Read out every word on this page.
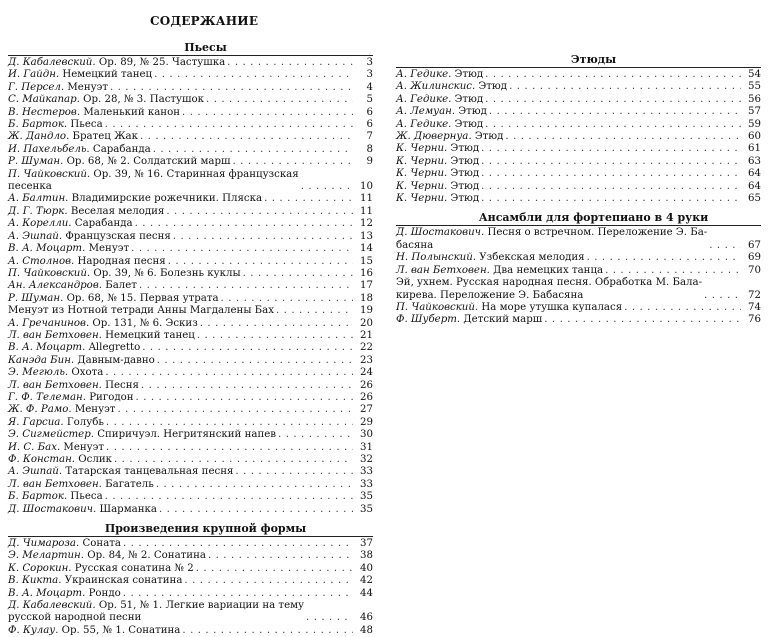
СОДЕРЖАНИЕ
Пьесы
Д. Кабалевский. Ор. 89, № 25. Частушка . . .	3
И. Гайдн. Немецкий танец . . .	3
Г. Персел. Менуэт . . .	4
С. Майкапар. Ор. 28, № 3. Пастушок . . .	5
В. Нестеров. Маленький канон . . .	6
Б. Барток. Пьеса . . .	6
Ж. Дандло. Братец Жак . . .	7
И. Пахельбель. Сарабанда . . .	8
Р. Шуман. Ор. 68, № 2. Солдатский марш . . .	9
П. Чайковский. Ор. 39, № 16. Старинная французская
песенка . . .	10
А. Балтин. Владимирские рожечники. Пляска . . .	11
Д. Г. Тюрк. Веселая мелодия . . .	11
А. Корелли. Сарабанда . . .	12
А. Эшпай. Французская песня . . .	13
В. А. Моцарт. Менуэт . . .	14
А. Столнов. Народная песня . . .	15
П. Чайковский. Ор. 39, № 6. Болезнь куклы . . .	16
Ан. Александров. Балет . . .	17
Р. Шуман. Ор. 68, № 15. Первая утрата . . .	18
Менуэт из Нотной тетради Анны Магдалены Бах . . .	19
А. Гречанинов. Ор. 131, № 6. Эскиз . . .	20
Л. ван Бетховен. Немецкий танец . . .	21
В. А. Моцарт. Allegretto . . .	22
Канэда Бин. Давным-давно . . .	23
Э. Мегюль. Охота . . .	24
Л. ван Бетховен. Песня . . .	26
Г. Ф. Телеман. Ригодон . . .	26
Ж. Ф. Рамо. Менуэт . . .	27
Я. Гарсиа. Голубь . . .	29
Э. Сигмейстер. Спиричуэл. Негритянский напев . . .	30
И. С. Бах. Менуэт . . .	31
Ф. Констан. Ослик . . .	32
А. Эшпай. Татарская танцевальная песня . . .	33
Л. ван Бетховен. Багатель . . .	33
Б. Барток. Пьеса . . .	35
Д. Шостакович. Шарманка . . .	35
Произведения крупной формы
Д. Чимароза. Соната . . .	37
Э. Мелартин. Ор. 84, № 2. Сонатина . . .	38
К. Сорокин. Русская сонатина № 2 . . .	40
В. Кикта. Украинская сонатина . . .	42
В. А. Моцарт. Рондо . . .	44
Д. Кабалевский. Ор. 51, № 1. Легкие вариации на тему
русской народной песни . . .	46
Ф. Кулау. Ор. 55, № 1. Сонатина . . .	48
Этюды
А. Гедике. Этюд . . .	54
А. Жилинскис. Этюд . . .	55
А. Гедике. Этюд . . .	56
А. Лемуан. Этюд . . .	57
А. Гедике. Этюд . . .	59
Ж. Дювернуа. Этюд . . .	60
К. Черни. Этюд . . .	61
К. Черни. Этюд . . .	63
К. Черни. Этюд . . .	64
К. Черни. Этюд . . .	64
К. Черни. Этюд . . .	65
Ансамбли для фортепиано в 4 руки
Д. Шостакович. Песня о встречном. Переложение Э. Ба-
басяна . . .	67
Н. Полынский. Узбекская мелодия . . .	69
Л. ван Бетховен. Два немецких танца . . .	70
Эй, ухнем. Русская народная песня. Обработка М. Бала-
кирева. Переложение Э. Бабасяна . . .	72
П. Чайковский. На море утушка купалася . . .	74
Ф. Шуберт. Детский марш . . .	76
